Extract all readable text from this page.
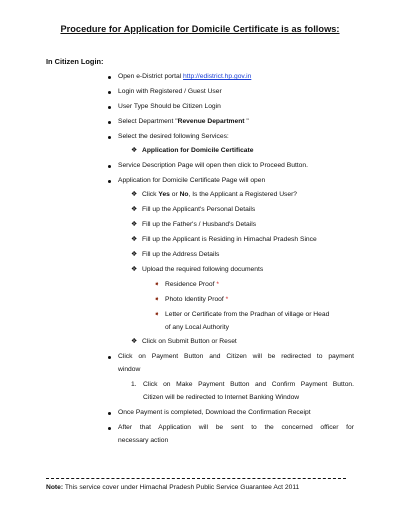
Procedure for Application for Domicile Certificate is as follows:
In Citizen Login:
Open e-District portal http://edistrict.hp.gov.in
Login with Registered / Guest User
User Type Should be Citizen Login
Select Department "Revenue Department "
Select the desired following Services:
❖ Application for Domicile Certificate
Service Description Page will open then click to Proceed Button.
Application for Domicile Certificate Page will open
❖ Click Yes or No, Is the Applicant a Registered User?
❖ Fill up the Applicant's Personal Details
❖ Fill up the Father's / Husband's Details
❖ Fill up the Applicant is Residing in Himachal Pradesh Since
❖ Fill up the Address Details
❖ Upload the required following documents
➧ Residence Proof *
➧ Photo Identity Proof *
➧ Letter or Certificate from the Pradhan of village or Head
of any Local Authority
❖ Click on Submit Button or Reset
Click on Payment Button and Citizen will be redirected to payment
window
1. Click on Make Payment Button and Confirm Payment Button.
Citizen will be redirected to Internet Banking Window
Once Payment is completed, Download the Confirmation Receipt
After that Application will be sent to the concerned officer for
necessary action
Note: This service cover under Himachal Pradesh Public Service Guarantee Act 2011
